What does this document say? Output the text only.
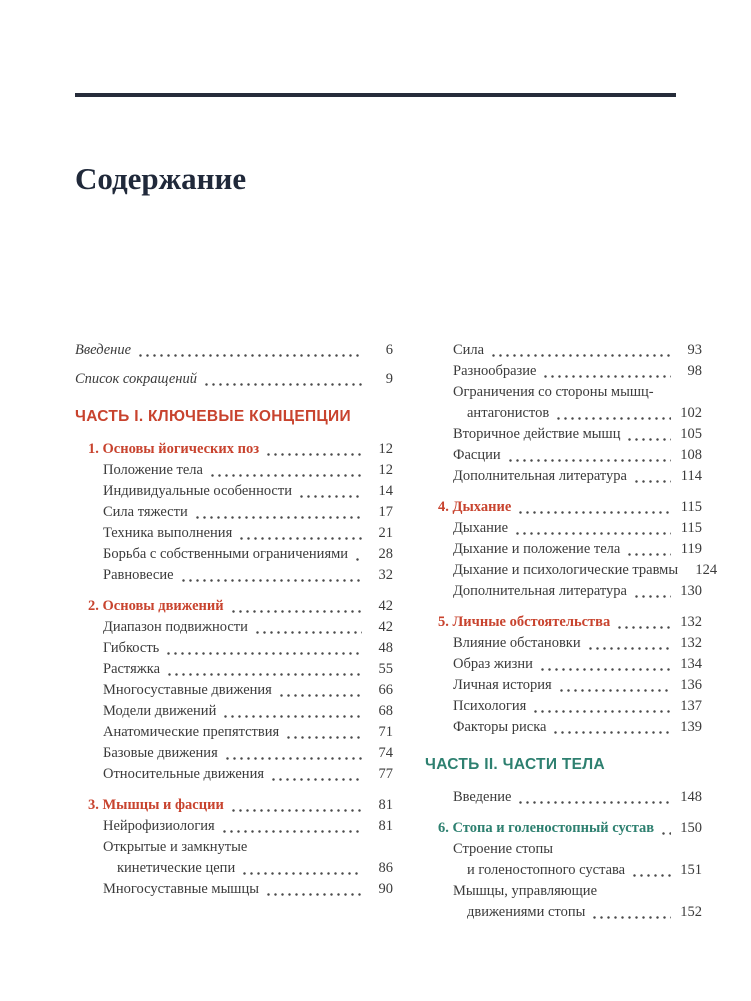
Содержание
Введение	6
Список сокращений	9
ЧАСТЬ I. КЛЮЧЕВЫЕ КОНЦЕПЦИИ
1. Основы йогических поз	12
Положение тела	12
Индивидуальные особенности	14
Сила тяжести	17
Техника выполнения	21
Борьба с собственными ограничениями	28
Равновесие	32
2. Основы движений	42
Диапазон подвижности	42
Гибкость	48
Растяжка	55
Многосуставные движения	66
Модели движений	68
Анатомические препятствия	71
Базовые движения	74
Относительные движения	77
3. Мышцы и фасции	81
Нейрофизиология	81
Открытые и замкнутые
кинетические цепи	86
Многосуставные мышцы	90
Сила	93
Разнообразие	98
Ограничения со стороны мышц-
антагонистов	102
Вторичное действие мышц	105
Фасции	108
Дополнительная литература	114
4. Дыхание	115
Дыхание	115
Дыхание и положение тела	119
Дыхание и психологические травмы 124
Дополнительная литература	130
5. Личные обстоятельства	132
Влияние обстановки	132
Образ жизни	134
Личная история	136
Психология	137
Факторы риска	139
ЧАСТЬ II. ЧАСТИ ТЕЛА
Введение	148
6. Стопа и голеностопный сустав 150
Строение стопы
и голеностопного сустава	151
Мышцы, управляющие
движениями стопы	152
